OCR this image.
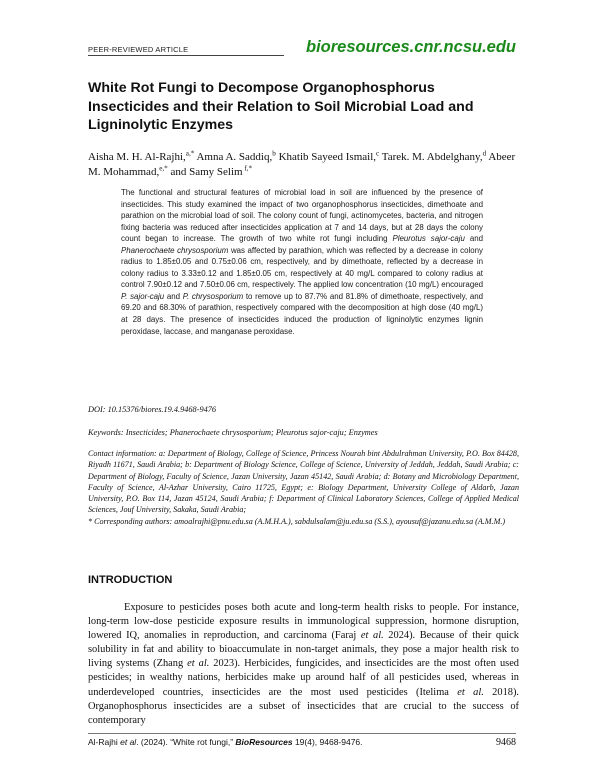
PEER-REVIEWED ARTICLE	bioresources.cnr.ncsu.edu
White Rot Fungi to Decompose Organophosphorus Insecticides and their Relation to Soil Microbial Load and Ligninolytic Enzymes
Aisha M. H. Al-Rajhi,$^{a,*}$ Amna A. Saddiq,$^b$ Khatib Sayeed Ismail,$^c$ Tarek. M. Abdelghany,$^d$ Abeer M. Mohammad,$^{e,*}$ and Samy Selim $^{f,*}$
The functional and structural features of microbial load in soil are influenced by the presence of insecticides. This study examined the impact of two organophosphorus insecticides, dimethoate and parathion on the microbial load of soil. The colony count of fungi, actinomycetes, bacteria, and nitrogen fixing bacteria was reduced after insecticides application at 7 and 14 days, but at 28 days the colony count began to increase. The growth of two white rot fungi including Pleurotus sajor-caju and Phanerochaete chrysosporium was affected by parathion, which was reflected by a decrease in colony radius to 1.85±0.05 and 0.75±0.06 cm, respectively, and by dimethoate, reflected by a decrease in colony radius to 3.33±0.12 and 1.85±0.05 cm, respectively at 40 mg/L compared to colony radius at control 7.90±0.12 and 7.50±0.06 cm, respectively. The applied low concentration (10 mg/L) encouraged P. sajor-caju and P. chrysosporium to remove up to 87.7% and 81.8% of dimethoate, respectively, and 69.20 and 68.30% of parathion, respectively compared with the decomposition at high dose (40 mg/L) at 28 days. The presence of insecticides induced the production of ligninolytic enzymes lignin peroxidase, laccase, and manganase peroxidase.
DOI: 10.15376/biores.19.4.9468-9476
Keywords: Insecticides; Phanerochaete chrysosporium; Pleurotus sajor-caju; Enzymes
Contact information: a: Department of Biology, College of Science, Princess Nourah bint Abdulrahman University, P.O. Box 84428, Riyadh 11671, Saudi Arabia; b: Department of Biology Science, College of Science, University of Jeddah, Jeddah, Saudi Arabia; c: Department of Biology, Faculty of Science, Jazan University, Jazan 45142, Saudi Arabia; d: Botany and Microbiology Department, Faculty of Science, Al-Azhar University, Cairo 11725, Egypt; e: Biology Department, University College of Aldarb, Jazan University, P.O. Box 114, Jazan 45124, Saudi Arabia; f: Department of Clinical Laboratory Sciences, College of Applied Medical Sciences, Jouf University, Sakaka, Saudi Arabia;
* Corresponding authors: amoalrajhi@pnu.edu.sa (A.M.H.A.), sabdulsalam@ju.edu.sa (S.S.), ayousuf@jazanu.edu.sa (A.M.M.)
INTRODUCTION
Exposure to pesticides poses both acute and long-term health risks to people. For instance, long-term low-dose pesticide exposure results in immunological suppression, hormone disruption, lowered IQ, anomalies in reproduction, and carcinoma (Faraj et al. 2024). Because of their quick solubility in fat and ability to bioaccumulate in non-target animals, they pose a major health risk to living systems (Zhang et al. 2023). Herbicides, fungicides, and insecticides are the most often used pesticides; in wealthy nations, herbicides make up around half of all pesticides used, whereas in underdeveloped countries, insecticides are the most used pesticides (Itelima et al. 2018). Organophosphorus insecticides are a subset of insecticides that are crucial to the success of contemporary
Al-Rajhi et al. (2024). “White rot fungi,” BioResources 19(4), 9468-9476.	9468
